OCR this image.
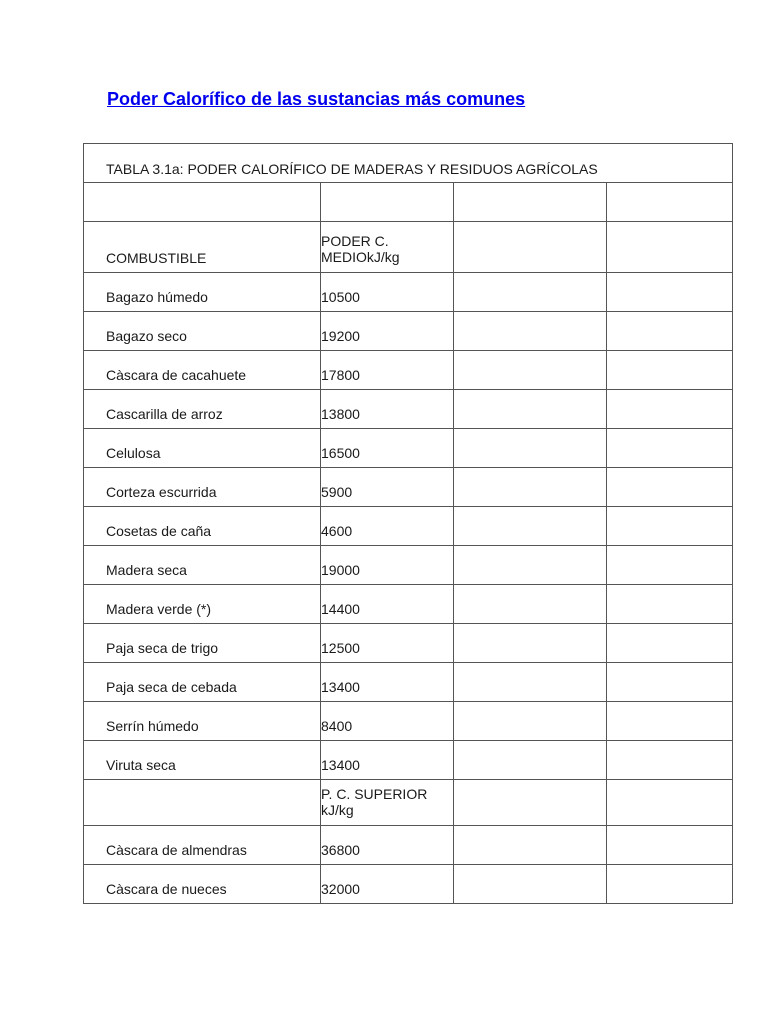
Poder Calorífico de las sustancias más comunes
TABLA 3.1a: PODER CALORÍFICO DE MADERAS Y RESIDUOS AGRÍCOLAS			

COMBUSTIBLE	PODER C.
MEDIOkJ/kg		

Bagazo húmedo	10500		
Bagazo seco	19200		
Càscara de cacahuete	17800		
Cascarilla de arroz	13800		
Celulosa	16500		
Corteza escurrida	5900		
Cosetas de caña	4600		
Madera seca	19000		
Madera verde (*)	14400		
Paja seca de trigo	12500		
Paja seca de cebada	13400		
Serrín húmedo	8400		
Viruta seca	13400		

	P. C. SUPERIOR
kJ/kg		

Càscara de almendras	36800		
Càscara de nueces	32000		
